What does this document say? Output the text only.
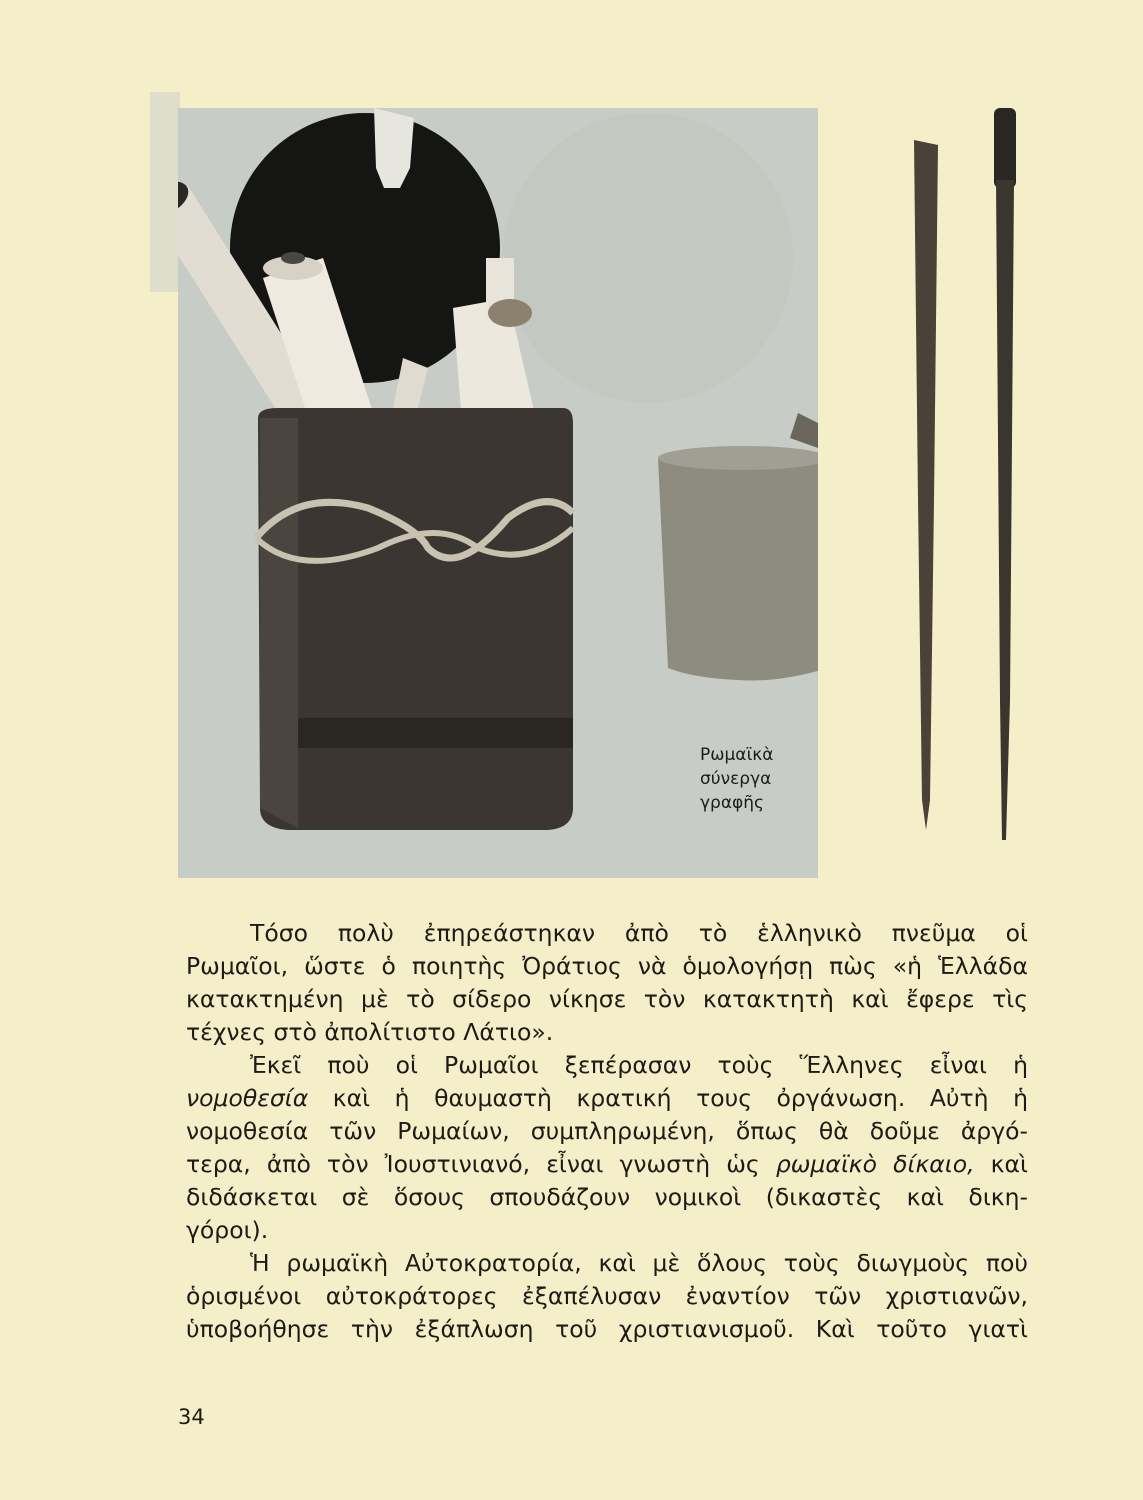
Ρωμαϊκὰ
σύνεργα
γραφῆς

Τόσο πολὺ ἐπηρεάστηκαν ἀπὸ τὸ ἑλληνικὸ πνεῦμα οἱ
Ρωμαῖοι, ὥστε ὁ ποιητὴς Ὀράτιος νὰ ὁμολογήσῃ πὼς «ἡ Ἑλλάδα
κατακτημένη μὲ τὸ σίδερο νίκησε τὸν κατακτητὴ καὶ ἔφερε τὶς
τέχνες στὸ ἀπολίτιστο Λάτιο».

Ἐκεῖ ποὺ οἱ Ρωμαῖοι ξεπέρασαν τοὺς Ἕλληνες εἶναι ἡ
νομοθεσία καὶ ἡ θαυμαστὴ κρατική τους ὀργάνωση. Αὐτὴ ἡ
νομοθεσία τῶν Ρωμαίων, συμπληρωμένη, ὅπως θὰ δοῦμε ἀργό-
τερα, ἀπὸ τὸν Ἰουστινιανό, εἶναι γνωστὴ ὡς ρωμαϊκὸ δίκαιο, καὶ
διδάσκεται σὲ ὅσους σπουδάζουν νομικοὶ (δικαστὲς καὶ δικη-
γόροι).

Ἡ ρωμαϊκὴ Αὐτοκρατορία, καὶ μὲ ὅλους τοὺς διωγμοὺς ποὺ
ὁρισμένοι αὐτοκράτορες ἐξαπέλυσαν ἐναντίον τῶν χριστιανῶν,
ὑποβοήθησε τὴν ἐξάπλωση τοῦ χριστιανισμοῦ. Καὶ τοῦτο γιατὶ

34
